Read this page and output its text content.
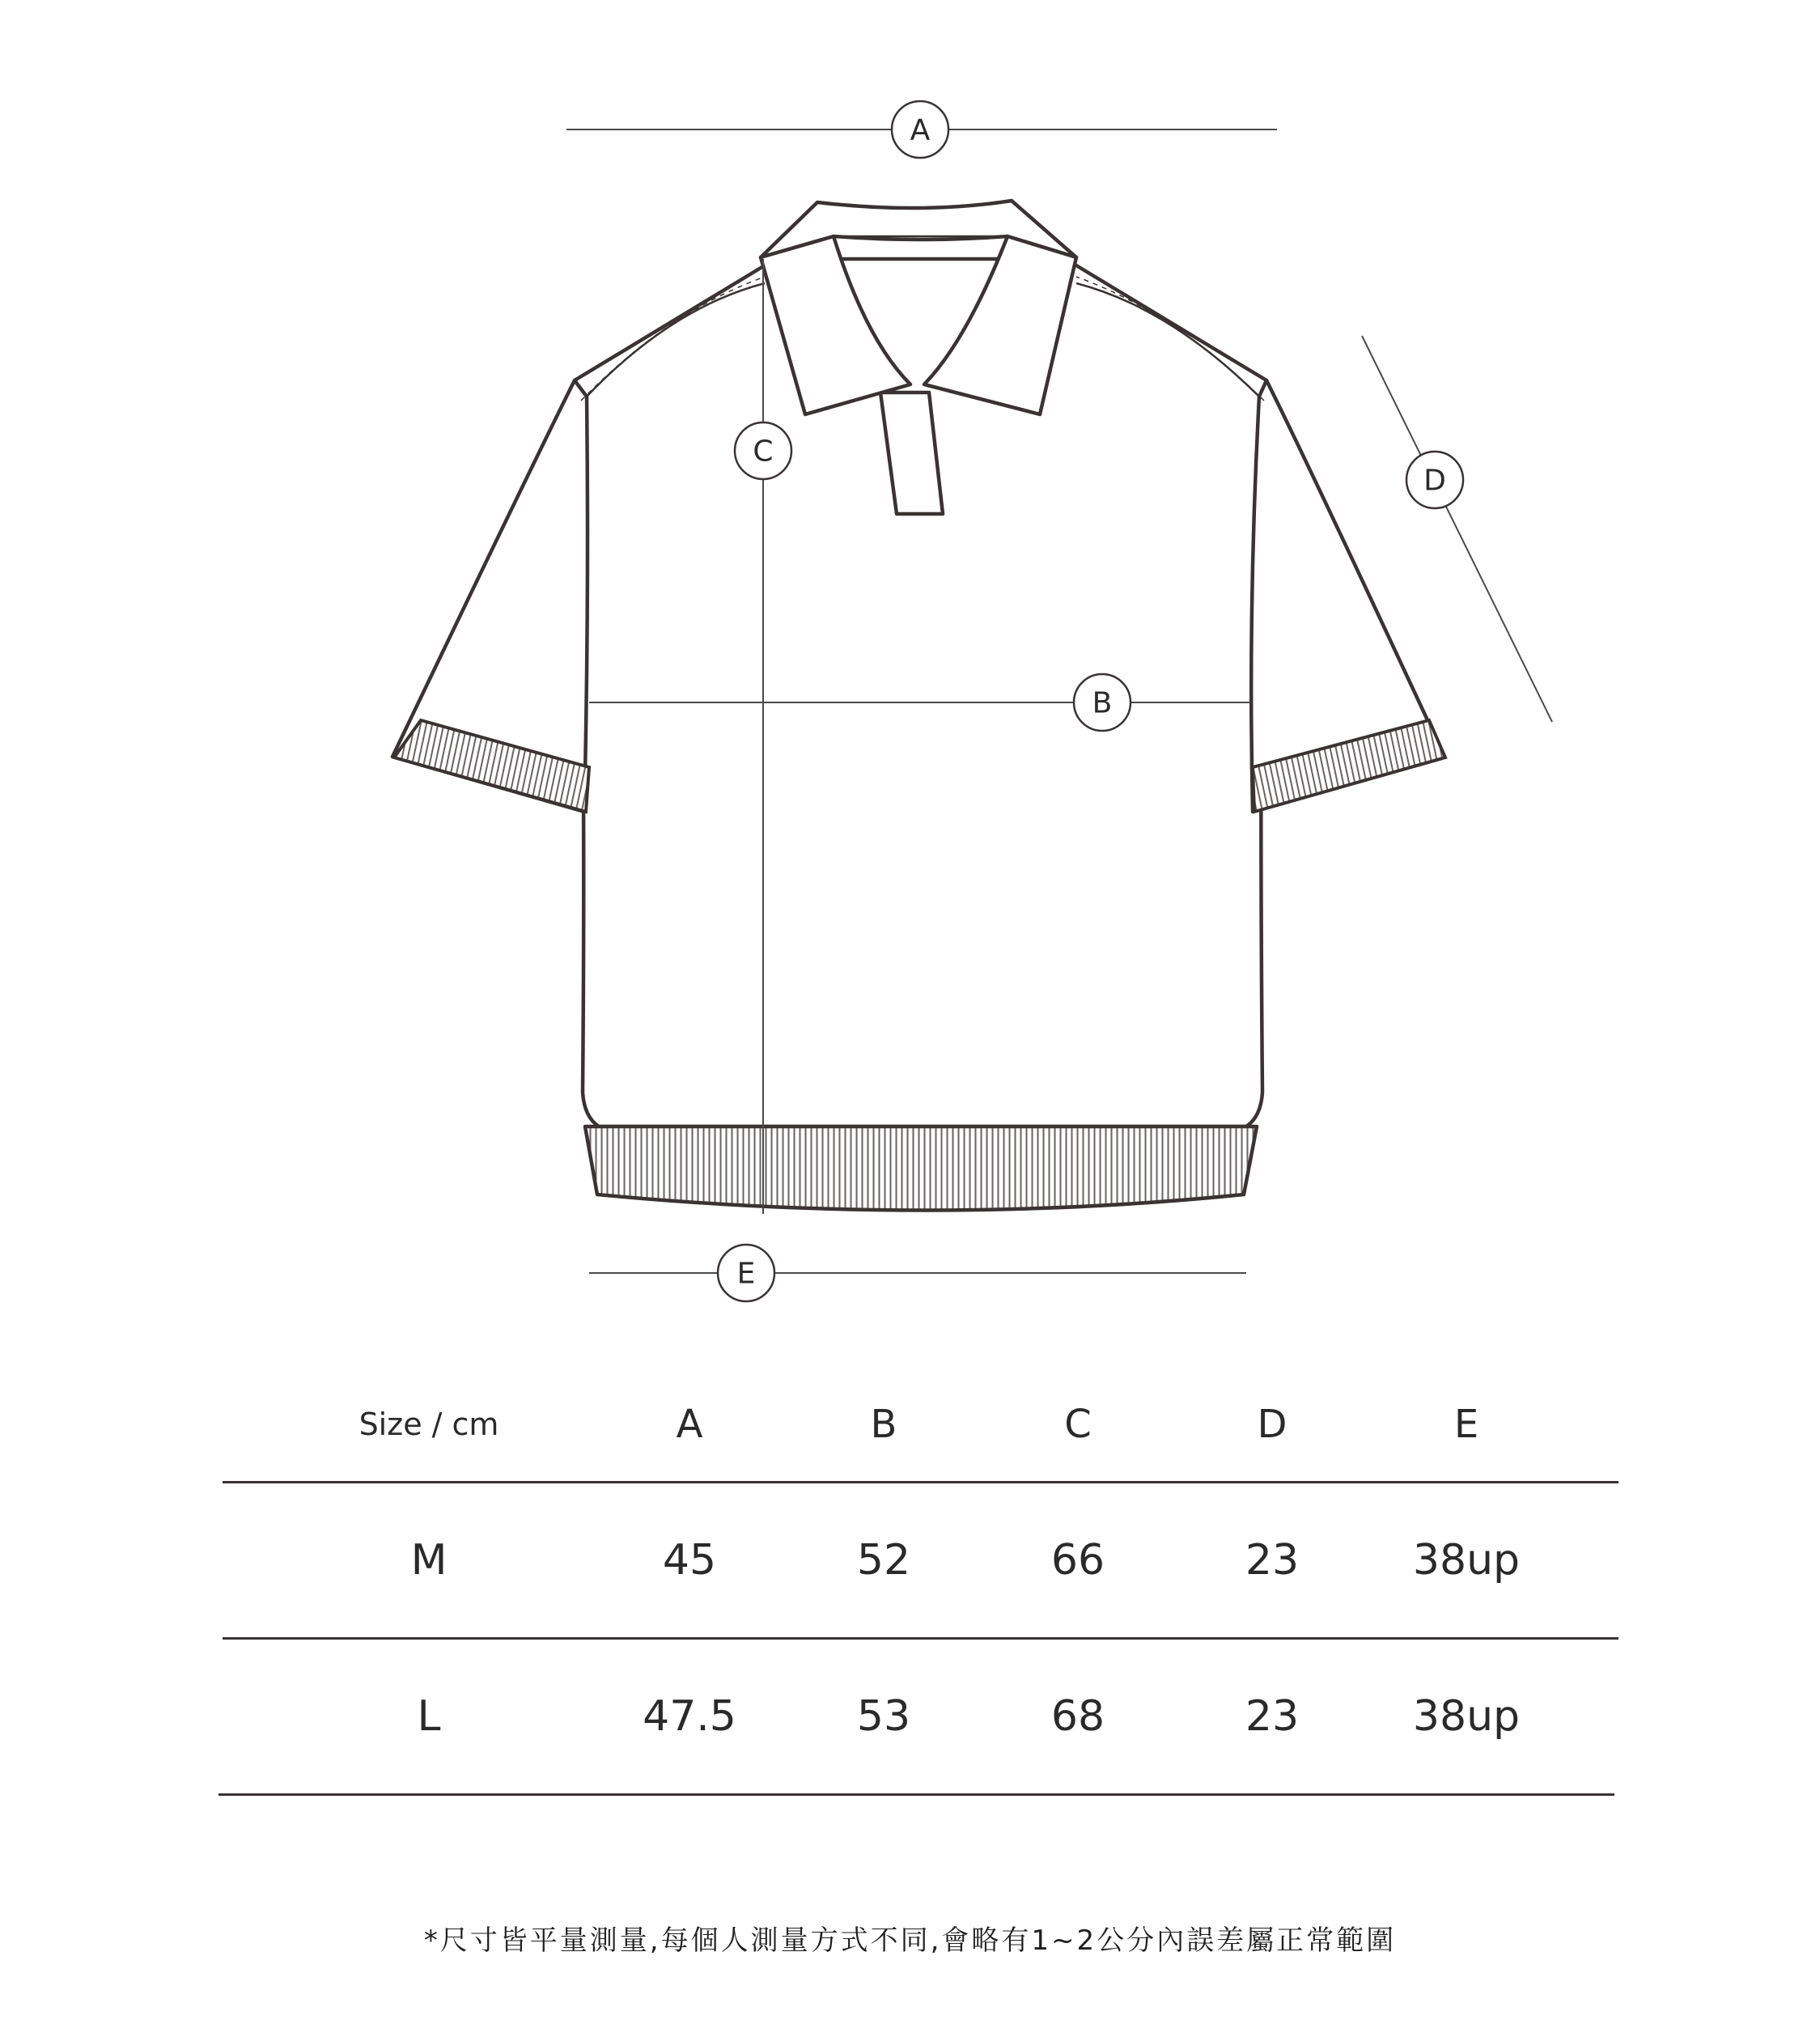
A
B
C
D
E
Size / cm	A	B	C	D	E
M	45	52	66	23	38up
L	47.5	53	68	23	38up
*尺寸皆平量測量,每個人測量方式不同,會略有1~2公分內誤差屬正常範圍
